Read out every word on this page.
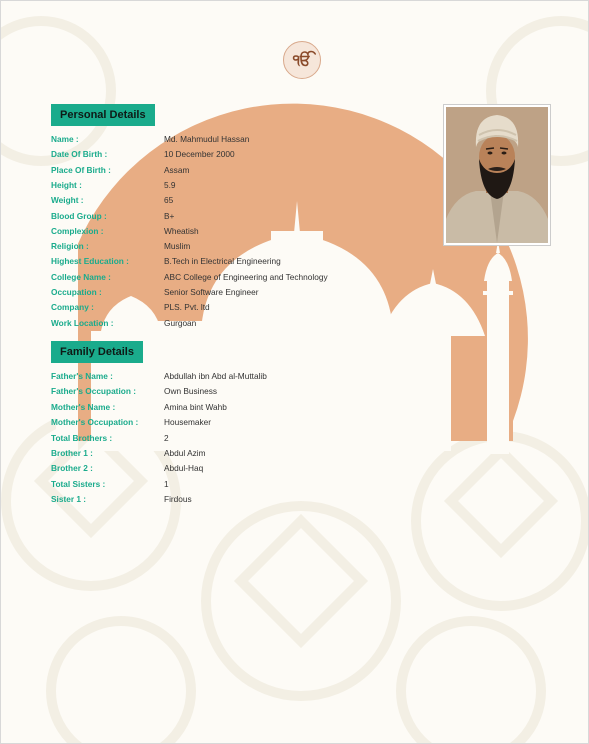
ੴ
Personal Details
Name :	Md. Mahmudul Hassan
Date Of Birth :	10 December 2000
Place Of Birth :	Assam
Height :	5.9
Weight :	65
Blood Group :	B+
Complexion :	Wheatish
Religion :	Muslim
Highest Education :	B.Tech in Electrical Engineering
College Name :	ABC College of Engineering and Technology
Occupation :	Senior Software Engineer
Company :	PLS. Pvt. ltd
Work Location :	Gurgoan
Family Details
Father's Name :	Abdullah ibn Abd al-Muttalib
Father's Occupation :	Own Business
Mother's Name :	Amina bint Wahb
Mother's Occupation :	Housemaker
Total Brothers :	2
Brother 1 :	Abdul Azim
Brother 2 :	Abdul-Haq
Total Sisters :	1
Sister 1 :	Firdous
